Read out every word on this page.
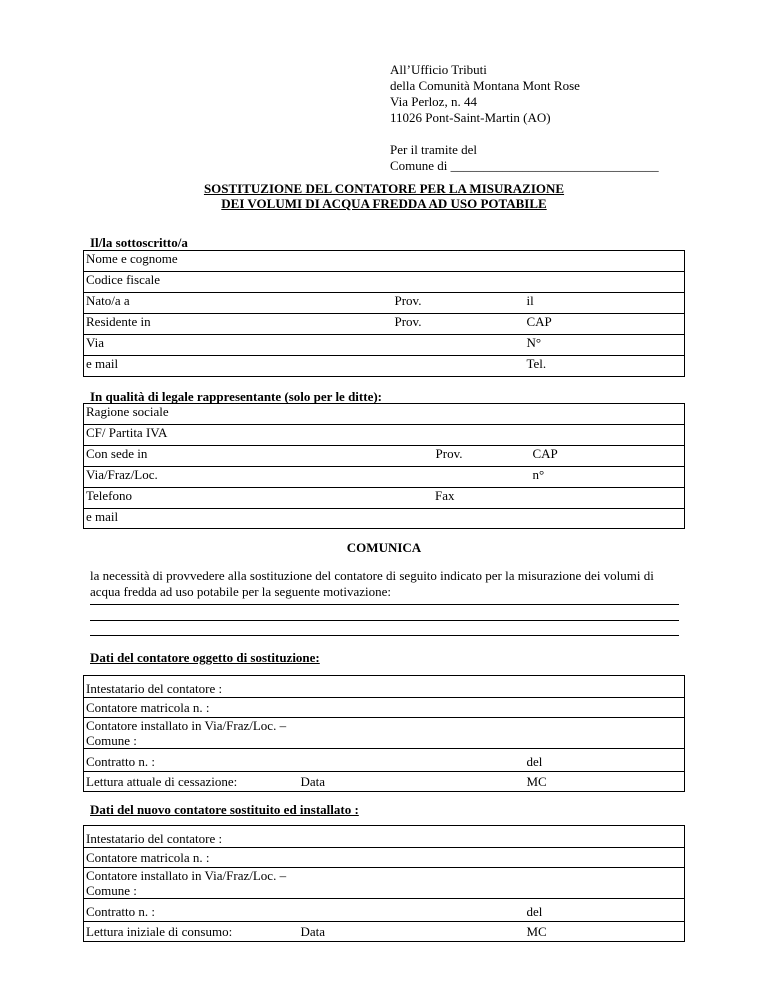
All’Ufficio Tributi
della Comunità Montana Mont Rose
Via Perloz, n. 44
11026 Pont-Saint-Martin (AO)
Per il tramite del
Comune di ________________________________
SOSTITUZIONE DEL CONTATORE PER LA MISURAZIONE
DEI VOLUMI DI ACQUA FREDDA AD USO POTABILE
Il/la sottoscritto/a
Nome e cognome		
Codice fiscale		
Nato/a a	Prov.	il
Residente in	Prov.	CAP
Via		N°
e mail		Tel.
In qualità di legale rappresentante (solo per le ditte):
Ragione sociale			
CF/ Partita IVA			
Con sede in	Prov.		CAP
Via/Fraz/Loc.			n°
Telefono	Fax		
e mail			
COMUNICA
la necessità di provvedere alla sostituzione del contatore di seguito indicato per la misurazione dei volumi di acqua fredda ad uso potabile per la seguente motivazione:
Dati del contatore oggetto di sostituzione:
Intestatario del contatore :		
Contatore matricola n. :		

Contatore installato in Via/Fraz/Loc. –
Comune :		

Contratto n. :		del
Lettura attuale di cessazione:	Data	MC
Dati del nuovo contatore sostituito ed installato :
Intestatario del contatore :		
Contatore matricola n. :		

Contatore installato in Via/Fraz/Loc. –
Comune :		

Contratto n. :		del
Lettura iniziale di consumo:	Data	MC
